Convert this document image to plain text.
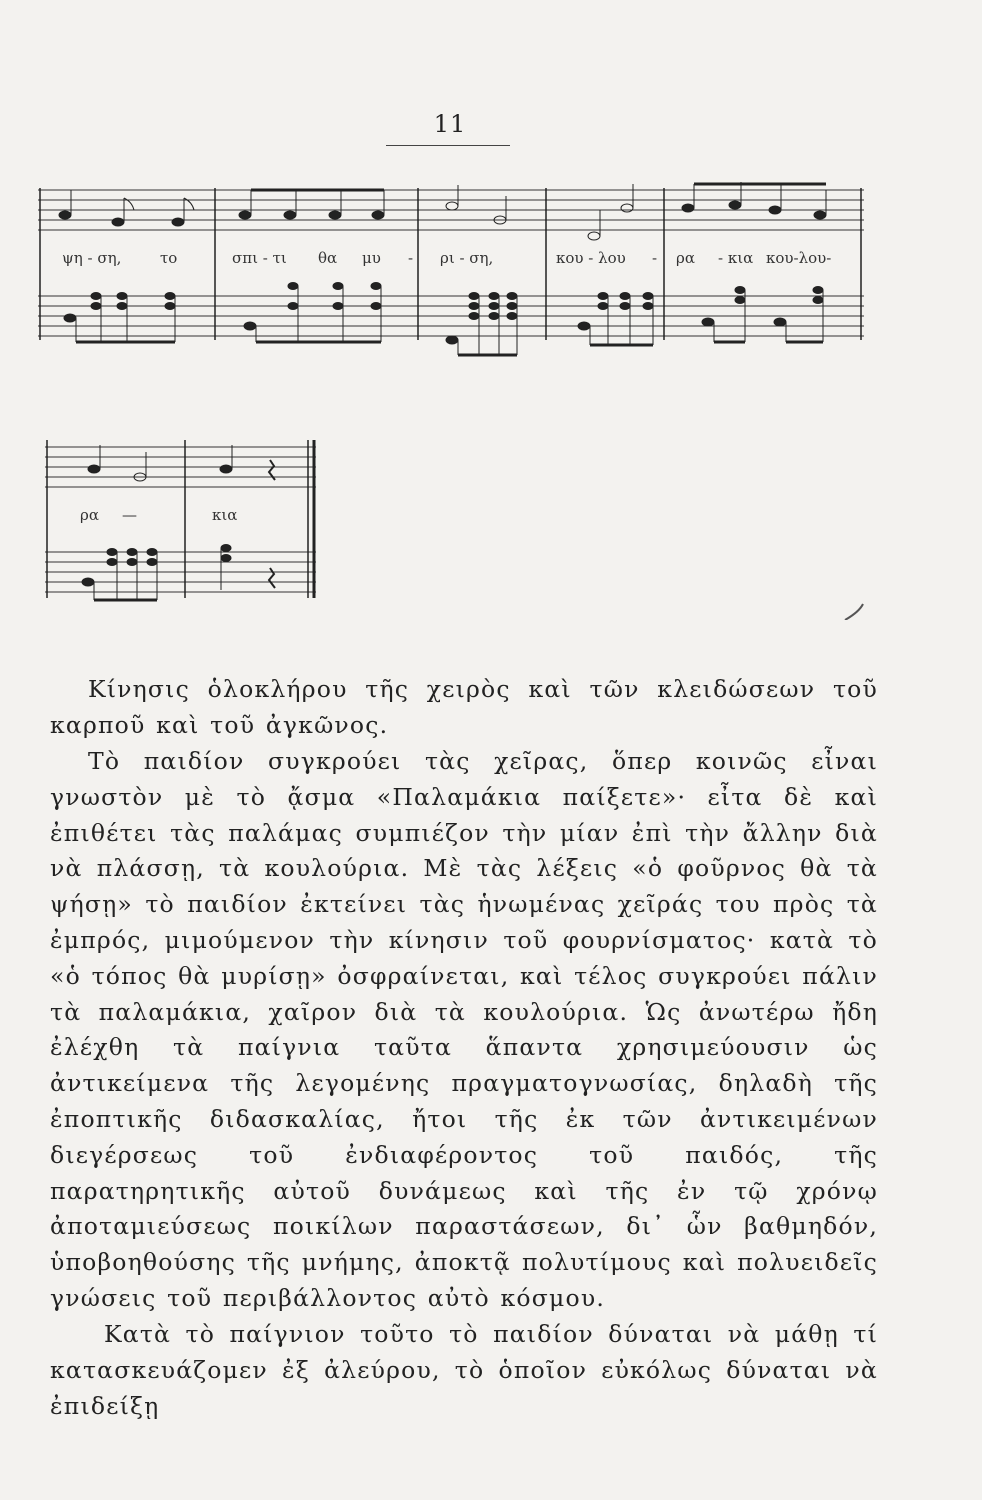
11
ψη - ση,	το	σπι - τι θα μυ - ρι - ση,	κου - λου - ρα - κια κου-λου-
ρα —	κια

Κίνησις ὁλοκλήρου τῆς χειρὸς καὶ τῶν κλειδώσεων τοῦ καρποῦ καὶ τοῦ ἀγκῶνος.

Τὸ παιδίον συγκρούει τὰς χεῖρας, ὅπερ κοινῶς εἶναι γνωστὸν μὲ τὸ ᾄσμα «Παλαμάκια παίξετε»· εἶτα δὲ καὶ ἐπιθέτει τὰς παλάμας συμπιέζον τὴν μίαν ἐπὶ τὴν ἄλλην διὰ νὰ πλάσσῃ, τὰ κουλούρια. Μὲ τὰς λέξεις «ὁ φοῦρνος θὰ τὰ ψήσῃ» τὸ παιδίον ἐκτείνει τὰς ἡνωμένας χεῖράς του πρὸς τὰ ἐμπρός, μιμούμενον τὴν κίνησιν τοῦ φουρνίσματος· κατὰ τὸ «ὁ τόπος θὰ μυρίσῃ» ὀσφραίνεται, καὶ τέλος συγκρούει πάλιν τὰ παλαμάκια, χαῖρον διὰ τὰ κουλούρια. Ὡς ἀνωτέρω ἤδη ἐλέχθη τὰ παίγνια ταῦτα ἅπαντα χρησιμεύουσιν ὡς ἀντικείμενα τῆς λεγομένης πραγματογνωσίας, δηλαδὴ τῆς ἐποπτικῆς διδασκαλίας, ἤτοι τῆς ἐκ τῶν ἀντικειμένων διεγέρσεως τοῦ ἐνδιαφέροντος τοῦ παιδός, τῆς παρατηρητικῆς αὐτοῦ δυνάμεως καὶ τῆς ἐν τῷ χρόνῳ ἀποταμιεύσεως ποικίλων παραστάσεων, δι᾽ ὧν βαθμηδόν, ὑποβοηθούσης τῆς μνήμης, ἀποκτᾷ πολυτίμους καὶ πολυειδεῖς γνώσεις τοῦ περιβάλλοντος αὐτὸ κόσμου.

Κατὰ τὸ παίγνιον τοῦτο τὸ παιδίον δύναται νὰ μάθῃ τί κατασκευάζομεν ἐξ ἀλεύρου, τὸ ὁποῖον εὐκόλως δύναται νὰ ἐπιδείξῃ
